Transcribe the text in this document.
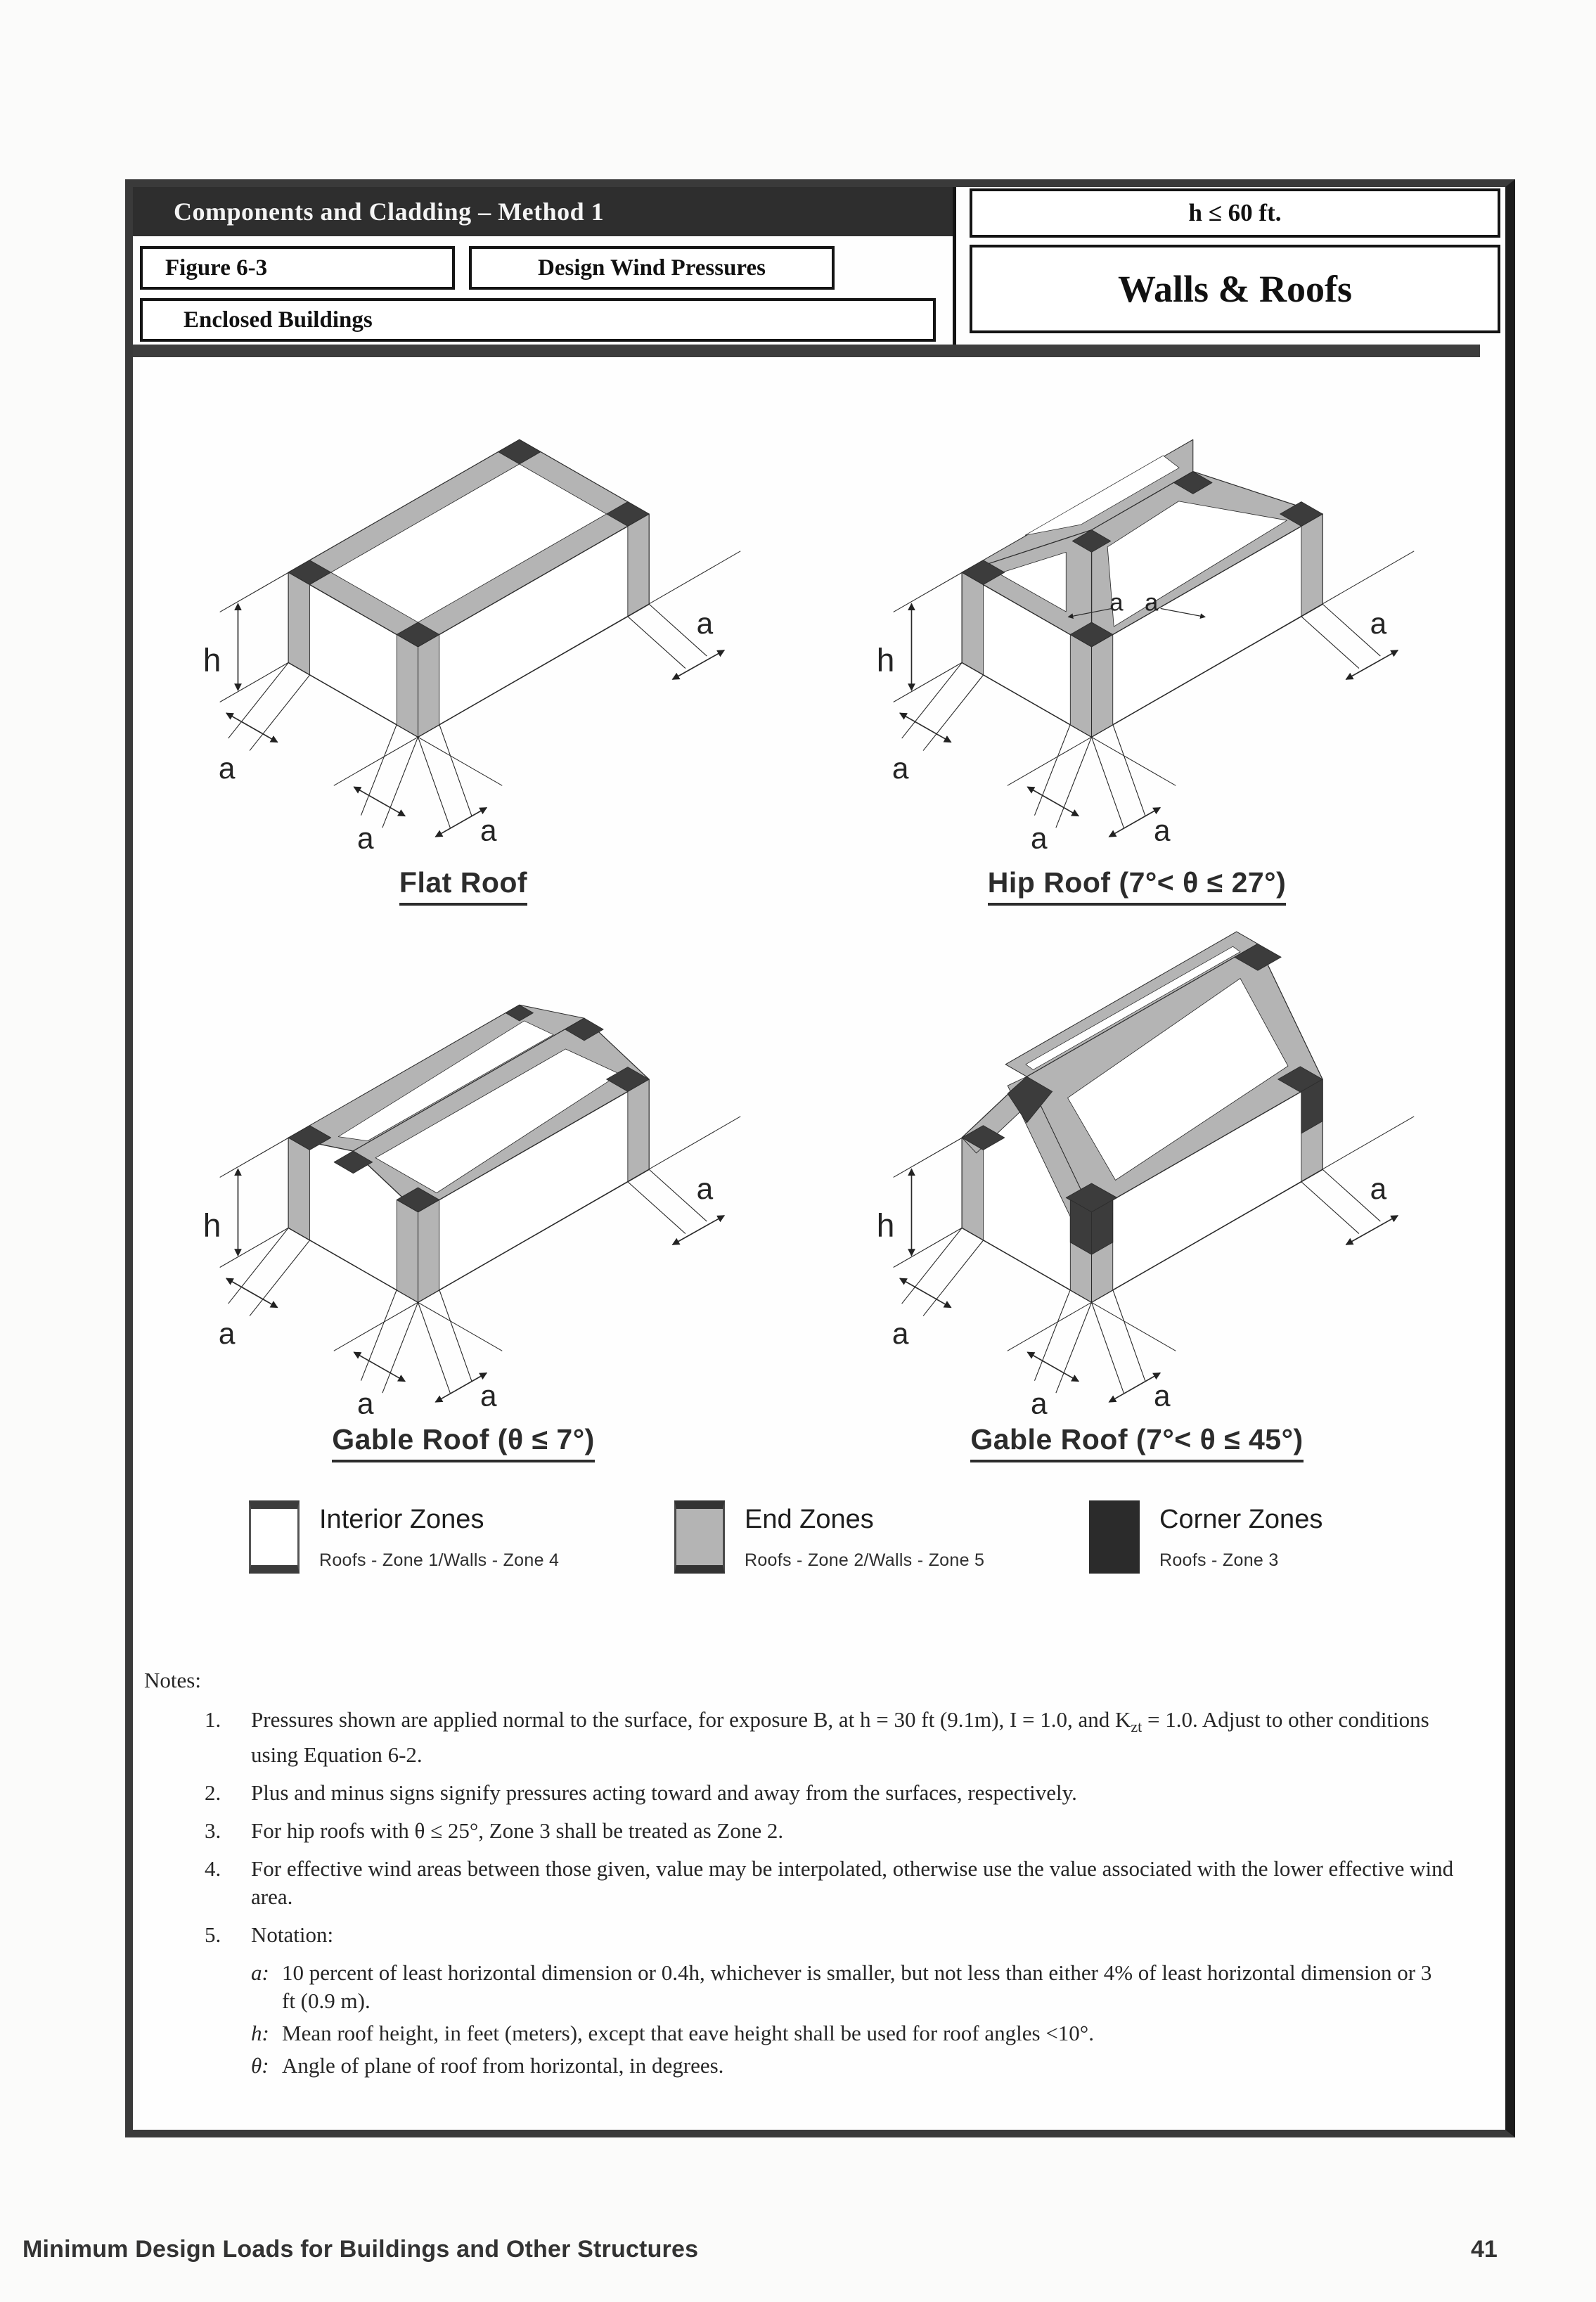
Components and Cladding – Method 1	h ≤ 60 ft.
Figure 6-3	Design Wind Pressures
Walls & Roofs
Enclosed Buildings
h
a
a	a
a
a a
h
a
a	a
a
h
a
a	a
a
h
a
a	a
a
Flat Roof	Hip Roof (7°< θ ≤ 27°)
Gable Roof (θ ≤ 7°)	Gable Roof (7°< θ ≤ 45°)
Interior Zones
Roofs - Zone 1/Walls - Zone 4
End Zones
Roofs - Zone 2/Walls - Zone 5
Corner Zones
Roofs - Zone 3
Notes:
1.	Pressures shown are applied normal to the surface, for exposure B, at h = 30 ft (9.1m), I = 1.0, and $K_{zt} = 1.0$. Adjust to other conditions using Equation 6-2.
2.	Plus and minus signs signify pressures acting toward and away from the surfaces, respectively.
3.	For hip roofs with θ ≤ 25°, Zone 3 shall be treated as Zone 2.
4.	For effective wind areas between those given, value may be interpolated, otherwise use the value associated with the lower effective wind area.
5.	Notation:
a: 10 percent of least horizontal dimension or 0.4h, whichever is smaller, but not less than either 4% of least horizontal dimension or 3 ft (0.9 m).
h: Mean roof height, in feet (meters), except that eave height shall be used for roof angles <10°.
θ: Angle of plane of roof from horizontal, in degrees.
Minimum Design Loads for Buildings and Other Structures	41
